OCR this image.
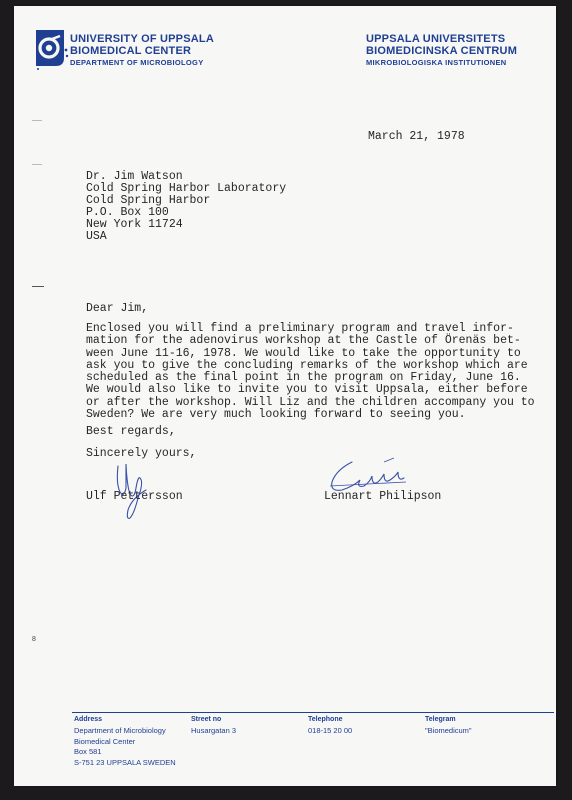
UNIVERSITY OF UPPSALA
BIOMEDICAL CENTER
DEPARTMENT OF MICROBIOLOGY
UPPSALA UNIVERSITETS
BIOMEDICINSKA CENTRUM
MIKROBIOLOGISKA INSTITUTIONEN
March 21, 1978
Dr. Jim Watson
Cold Spring Harbor Laboratory
Cold Spring Harbor
P.O. Box 100
New York 11724
USA
Dear Jim,
Enclosed you will find a preliminary program and travel infor-
mation for the adenovirus workshop at the Castle of Örenäs bet-
ween June 11-16, 1978. We would like to take the opportunity to
ask you to give the concluding remarks of the workshop which are
scheduled as the final point in the program on Friday, June 16.
We would also like to invite you to visit Uppsala, either before
or after the workshop. Will Liz and the children accompany you to
Sweden? We are very much looking forward to seeing you.
Best regards,
Sincerely yours,
Ulf Pettersson	Lennart Philipson
8
Address
Department of Microbiology
Biomedical Center
Box 581
S-751 23 UPPSALA SWEDEN
Street no
Husargatan 3
Telephone
018-15 20 00
Telegram
"Biomedicum"
